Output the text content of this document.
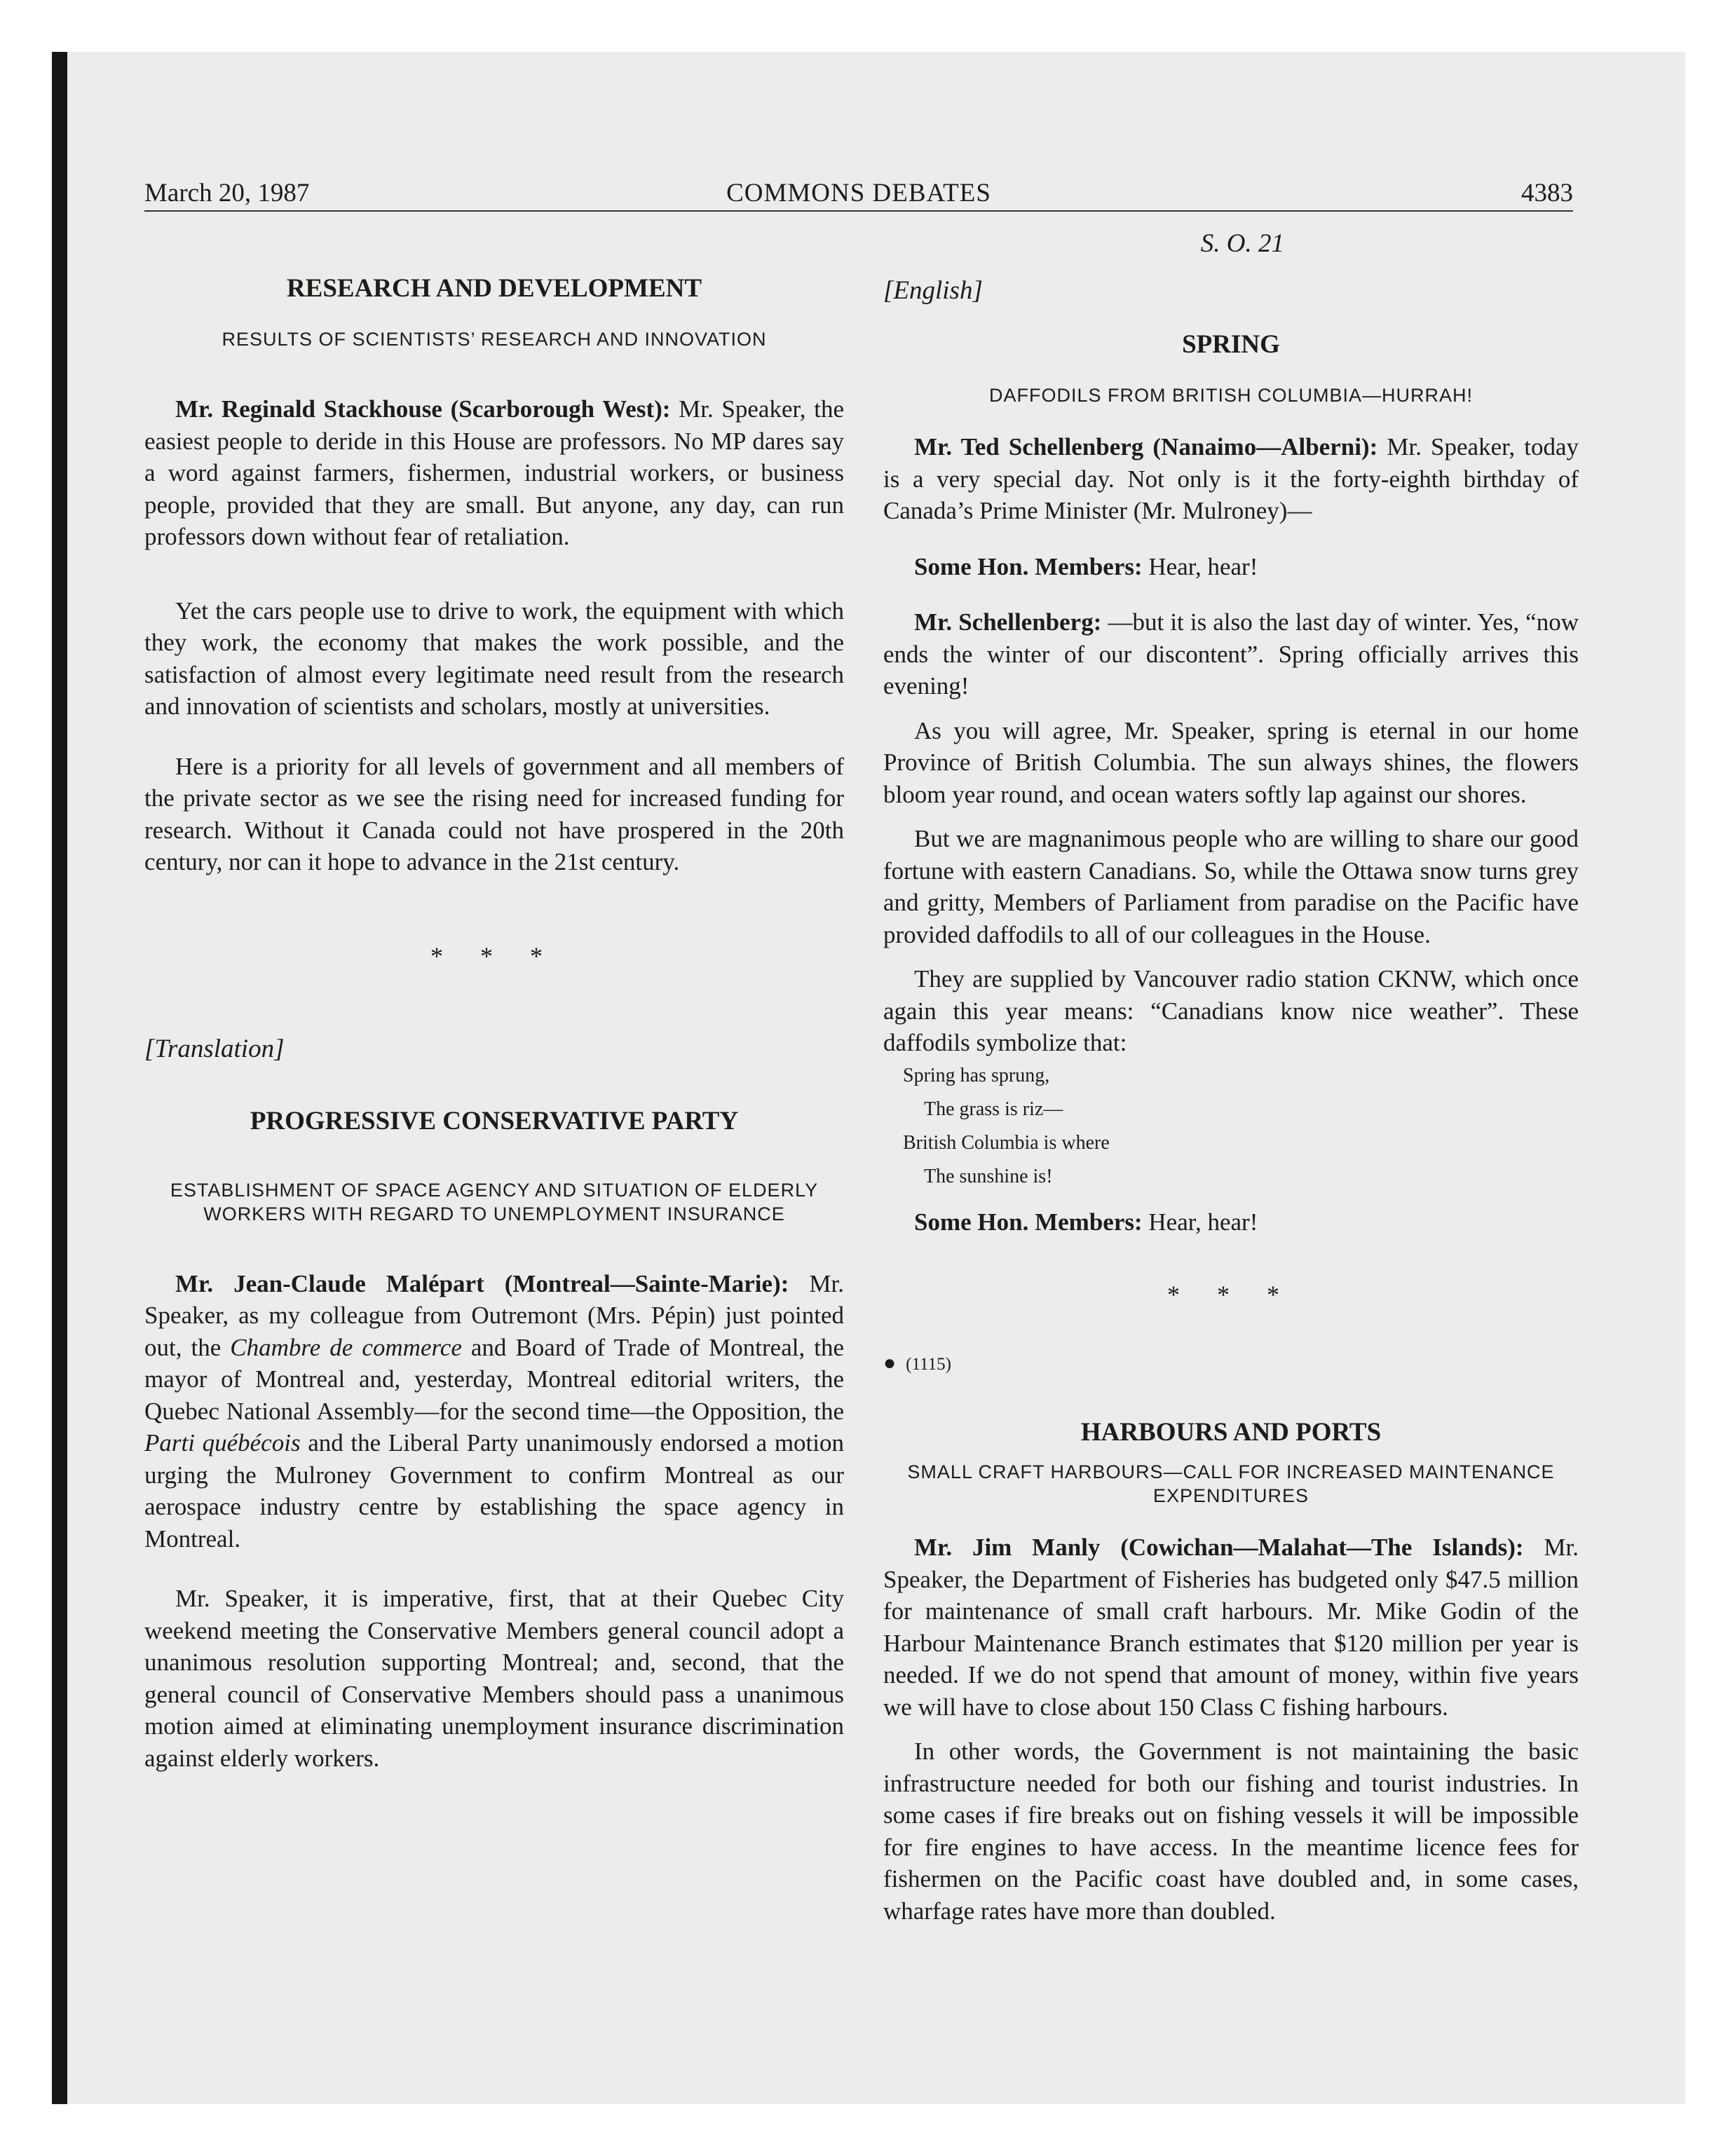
March 20, 1987	COMMONS DEBATES	4383
RESEARCH AND DEVELOPMENT

RESULTS OF SCIENTISTS’ RESEARCH AND INNOVATION

Mr. Reginald Stackhouse (Scarborough West): Mr. Speaker, the easiest people to deride in this House are professors. No MP dares say a word against farmers, fishermen, industrial workers, or business people, provided that they are small. But anyone, any day, can run professors down without fear of retaliation.

Yet the cars people use to drive to work, the equipment with which they work, the economy that makes the work possible, and the satisfaction of almost every legitimate need result from the research and innovation of scientists and scholars, mostly at universities.

Here is a priority for all levels of government and all members of the private sector as we see the rising need for increased funding for research. Without it Canada could not have prospered in the 20th century, nor can it hope to advance in the 21st century.

* * *

[Translation]

PROGRESSIVE CONSERVATIVE PARTY

ESTABLISHMENT OF SPACE AGENCY AND SITUATION OF ELDERLY WORKERS WITH REGARD TO UNEMPLOYMENT INSURANCE

Mr. Jean-Claude Malépart (Montreal—Sainte-Marie): Mr. Speaker, as my colleague from Outremont (Mrs. Pépin) just pointed out, the Chambre de commerce and Board of Trade of Montreal, the mayor of Montreal and, yesterday, Montreal editorial writers, the Quebec National Assembly—for the second time—the Opposition, the Parti québécois and the Liberal Party unanimously endorsed a motion urging the Mulroney Government to confirm Montreal as our aerospace industry centre by establishing the space agency in Montreal.

Mr. Speaker, it is imperative, first, that at their Quebec City weekend meeting the Conservative Members general council adopt a unanimous resolution supporting Montreal; and, second, that the general council of Conservative Members should pass a unanimous motion aimed at eliminating unemployment insurance discrimination against elderly workers.

S. O. 21

[English]

SPRING

DAFFODILS FROM BRITISH COLUMBIA—HURRAH!

Mr. Ted Schellenberg (Nanaimo—Alberni): Mr. Speaker, today is a very special day. Not only is it the forty-eighth birthday of Canada’s Prime Minister (Mr. Mulroney)—

Some Hon. Members: Hear, hear!

Mr. Schellenberg: —but it is also the last day of winter. Yes, “now ends the winter of our discontent”. Spring officially arrives this evening!

As you will agree, Mr. Speaker, spring is eternal in our home Province of British Columbia. The sun always shines, the flowers bloom year round, and ocean waters softly lap against our shores.

But we are magnanimous people who are willing to share our good fortune with eastern Canadians. So, while the Ottawa snow turns grey and gritty, Members of Parliament from paradise on the Pacific have provided daffodils to all of our colleagues in the House.

They are supplied by Vancouver radio station CKNW, which once again this year means: “Canadians know nice weather”. These daffodils symbolize that:

Spring has sprung,
The grass is riz—
British Columbia is where
The sunshine is!

Some Hon. Members: Hear, hear!

* * *

● (1115)

HARBOURS AND PORTS

SMALL CRAFT HARBOURS—CALL FOR INCREASED MAINTENANCE EXPENDITURES

Mr. Jim Manly (Cowichan—Malahat—The Islands): Mr. Speaker, the Department of Fisheries has budgeted only $47.5 million for maintenance of small craft harbours. Mr. Mike Godin of the Harbour Maintenance Branch estimates that $120 million per year is needed. If we do not spend that amount of money, within five years we will have to close about 150 Class C fishing harbours.

In other words, the Government is not maintaining the basic infrastructure needed for both our fishing and tourist industries. In some cases if fire breaks out on fishing vessels it will be impossible for fire engines to have access. In the meantime licence fees for fishermen on the Pacific coast have doubled and, in some cases, wharfage rates have more than doubled.
